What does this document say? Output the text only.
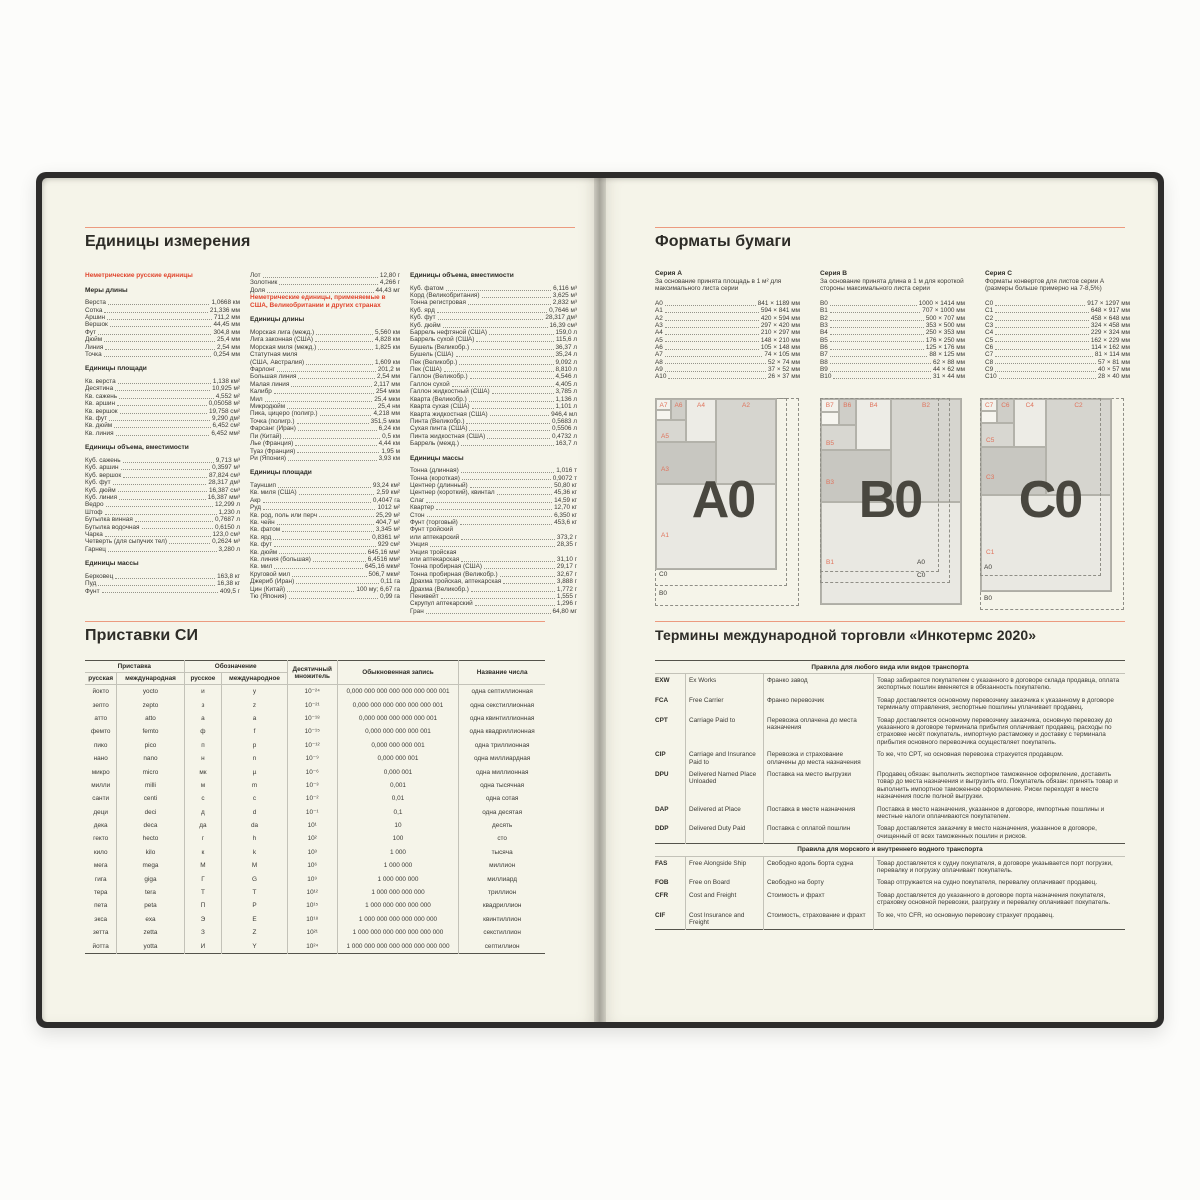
Единицы измерения	Форматы бумаги
Приставки СИ	Термины международной торговли «Инкотермс 2020»
Неметрические русские единицы
Меры длины
Верста	1,0668 км
Сотка	21,336 мм
Аршин	711,2 мм
Вершок	44,45 мм
Фут	304,8 мм
Дюйм	25,4 мм
Линия	2,54 мм
Точка	0,254 мм
Единицы площади
Кв. верста	1,138 км²
Десятина	10,925 м²
Кв. сажень	4,552 м²
Кв. аршин	0,05058 м²
Кв. вершок	19,758 см²
Кв. фут	9,290 дм²
Кв. дюйм	6,452 см²
Кв. линия	6,452 мм²
Единицы объема, вместимости
Куб. сажень	9,713 м³
Куб. аршин	0,3597 м³
Куб. вершок	87,824 см³
Куб. фут	28,317 дм³
Куб. дюйм	16,387 см³
Куб. линия	16,387 мм³
Ведро	12,299 л
Штоф	1,230 л
Бутылка винная	0,7687 л
Бутылка водочная	0,6150 л
Чарка	123,0 см³
Четверть (для сыпучих тел)	0,2624 м³
Гарнец	3,280 л
Единицы массы
Берковец	163,8 кг
Пуд	16,38 кг
Фунт	409,5 г
Лот	12,80 г
Золотник	4,266 г
Доля	44,43 мг
Неметрические единицы, применяемые в США, Великобритании и других странах
Единицы длины
Морская лига (межд.)	5,560 км
Лига законная (США)	4,828 км
Морская миля (межд.)	1,825 км
Статутная миля
(США, Австралия)	1,609 км
Фарлонг	201,2 м
Большая линия	2,54 мм
Малая линия	2,117 мм
Калибр	254 мкм
Мил	25,4 мкм
Микродюйм	25,4 нм
Пика, цицеро (полигр.)	4,218 мм
Точка (полигр.)	351,5 мкм
Фарсанг (Иран)	6,24 км
Пи (Китай)	0,5 км
Лье (Франция)	4,44 км
Туаз (Франция)	1,95 м
Ри (Япония)	3,93 км
Единицы площади
Тауншип	93,24 км²
Кв. миля (США)	2,59 км²
Акр	0,4047 га
Руд	1012 м²
Кв. род, поль или перч	25,29 м²
Кв. чейн	404,7 м²
Кв. фатом	3,345 м²
Кв. ярд	0,8361 м²
Кв. фут	929 см²
Кв. дюйм	645,16 мм²
Кв. линия (большая)	6,4516 мм²
Кв. мил	645,16 мкм²
Круговой мил	506,7 мкм²
Джериб (Иран)	0,11 га
Цин (Китай)	100 му; 6,67 га
Тю (Япония)	0,99 га
Единицы объема, вместимости
Куб. фатом	6,116 м³
Корд (Великобритания)	3,625 м³
Тонна регистровая	2,832 м³
Куб. ярд	0,7646 м³
Куб. фут	28,317 дм³
Куб. дюйм	16,39 см³
Баррель нефтяной (США)	159,0 л
Баррель сухой (США)	115,6 л
Бушель (Великобр.)	36,37 л
Бушель (США)	35,24 л
Пек (Великобр.)	9,092 л
Пек (США)	8,810 л
Галлон (Великобр.)	4,546 л
Галлон сухой	4,405 л
Галлон жидкостный (США)	3,785 л
Кварта (Великобр.)	1,136 л
Кварта сухая (США)	1,101 л
Кварта жидкостная (США)	946,4 мл
Пинта (Великобр.)	0,5683 л
Сухая пинта (США)	0,5506 л
Пинта жидкостная (США)	0,4732 л
Баррель (межд.)	163,7 л
Единицы массы
Тонна (длинная)	1,016 т
Тонна (короткая)	0,9072 т
Центнер (длинный)	50,80 кг
Центнер (короткий), квинтал	45,36 кг
Слаг	14,59 кг
Квартер	12,70 кг
Стон	6,350 кг
Фунт (торговый)	453,6 кг
Фунт тройский
или аптекарский	373,2 г
Унция	28,35 г
Унция тройская
или аптекарская	31,10 г
Тонна пробирная (США)	29,17 г
Тонна пробирная (Великобр.)	32,67 г
Драхма тройская, аптекарская	3,888 г
Драхма (Великобр.)	1,772 г
Пенивейт	1,555 г
Скрупул аптекарский	1,296 г
Гран	64,80 мг
Серия А

За основание принята площадь в 1 м² для максимального листа серии

A0	841 × 1189 мм
A1	594 × 841 мм
A2	420 × 594 мм
A3	297 × 420 мм
A4	210 × 297 мм
A5	148 × 210 мм
A6	105 × 148 мм
A7	74 × 105 мм
A8	52 × 74 мм
A9	37 × 52 мм
A10	26 × 37 мм
Серия B

За основание принята длина в 1 м для короткой стороны максимального листа серии

B0	1000 × 1414 мм
B1	707 × 1000 мм
B2	500 × 707 мм
B3	353 × 500 мм
B4	250 × 353 мм
B5	176 × 250 мм
B6	125 × 176 мм
B7	88 × 125 мм
B8	62 × 88 мм
B9	44 × 62 мм
B10	31 × 44 мм
Серия C

Форматы конвертов для листов серии А (размеры больше примерно на 7-8,5%)

C0	917 × 1297 мм
C1	648 × 917 мм
C2	458 × 648 мм
C3	324 × 458 мм
C4	229 × 324 мм
C5	162 × 229 мм
C6	114 × 162 мм
C7	81 × 114 мм
C8	57 × 81 мм
C9	40 × 57 мм
C10	28 × 40 мм
A7 A6
A5
A4
A3
A2
A1
C0
B0
A0
B7 B6
B5
B4
B3
B2
B1	A0
C0
B0
C7 C6
C5
C4
C3
C2
C1
A0
B0
C0
Приставка		Обозначение		Десятичный множитель	Обыкновенная запись	Название числа
русская	международная	русское	международное			
йокто	yocto	и	y	10⁻²⁴	0,000 000 000 000 000 000 000 001	одна септиллионная
зепто	zepto	з	z	10⁻²¹	0,000 000 000 000 000 000 001	одна секстиллионная
атто	atto	а	a	10⁻¹⁸	0,000 000 000 000 000 001	одна квинтиллионная
фемто	femto	ф	f	10⁻¹⁵	0,000 000 000 000 001	одна квадриллионная
пико	pico	п	p	10⁻¹²	0,000 000 000 001	одна триллионная
нано	nano	н	n	10⁻⁹	0,000 000 001	одна миллиардная
микро	micro	мк	µ	10⁻⁶	0,000 001	одна миллионная
милли	milli	м	m	10⁻³	0,001	одна тысячная
санти	centi	с	c	10⁻²	0,01	одна сотая
деци	deci	д	d	10⁻¹	0,1	одна десятая
дека	deca	да	da	10¹	10	десять
гекто	hecto	г	h	10²	100	сто
кило	kilo	к	k	10³	1 000	тысяча
мега	mega	М	M	10⁶	1 000 000	миллион
гига	giga	Г	G	10⁹	1 000 000 000	миллиард
тера	tera	Т	T	10¹²	1 000 000 000 000	триллион
пета	peta	П	P	10¹⁵	1 000 000 000 000 000	квадриллион
экса	exa	Э	E	10¹⁸	1 000 000 000 000 000 000	квинтиллион
зетта	zetta	З	Z	10²¹	1 000 000 000 000 000 000 000	секстиллион
йотта	yotta	И	Y	10²⁴	1 000 000 000 000 000 000 000 000	септиллион
Правила для любого вида или видов транспорта			
EXW	Ex Works	Франко завод	Товар забирается покупателем с указанного в договоре склада продавца, оплата экспортных пошлин вменяется в обязанность покупателю.
FCA	Free Carrier	Франко перевозчик	Товар доставляется основному перевозчику заказчика к указанному в договоре терминалу отправления, экспортные пошлины уплачивает продавец.
CPT	Carriage Paid to	Перевозка оплачена до места назначения	Товар доставляется основному перевозчику заказчика, основную перевозку до указанного в договоре терминала прибытия оплачивает продавец, расходы по страховке несёт покупатель, импортную растаможку и доставку с терминала прибытия основного перевозчика осуществляет покупатель.
CIP	Carriage and Insurance Paid to	Перевозка и страхование оплачены до места назначения	То же, что CPT, но основная перевозка страхуется продавцом.
DPU	Delivered Named Place Unloaded	Поставка на место выгрузки	Продавец обязан: выполнить экспортное таможенное оформление, доставить товар до места назначения и выгрузить его. Покупатель обязан: принять товар и выполнить импортное таможенное оформление. Риски переходят в месте назначения после полной выгрузки.
DAP	Delivered at Place	Поставка в месте назначения	Поставка в место назначения, указанное в договоре, импортные пошлины и местные налоги оплачиваются покупателем.
DDP	Delivered Duty Paid	Поставка с оплатой пошлин	Товар доставляется заказчику в место назначения, указанное в договоре, очищенный от всех таможенных пошлин и рисков.
Правила для морского и внутреннего водного транспорта			
FAS	Free Alongside Ship	Свободно вдоль борта судна	Товар доставляется к судну покупателя, в договоре указывается порт погрузки, перевалку и погрузку оплачивает покупатель.
FOB	Free on Board	Свободно на борту	Товар отгружается на судно покупателя, перевалку оплачивает продавец.
CFR	Cost and Freight	Стоимость и фрахт	Товар доставляется до указанного в договоре порта назначения покупателя, страховку основной перевозки, разгрузку и перевалку оплачивает покупатель.
CIF	Cost Insurance and Freight	Стоимость, страхование и фрахт	То же, что CFR, но основную перевозку страхует продавец.
